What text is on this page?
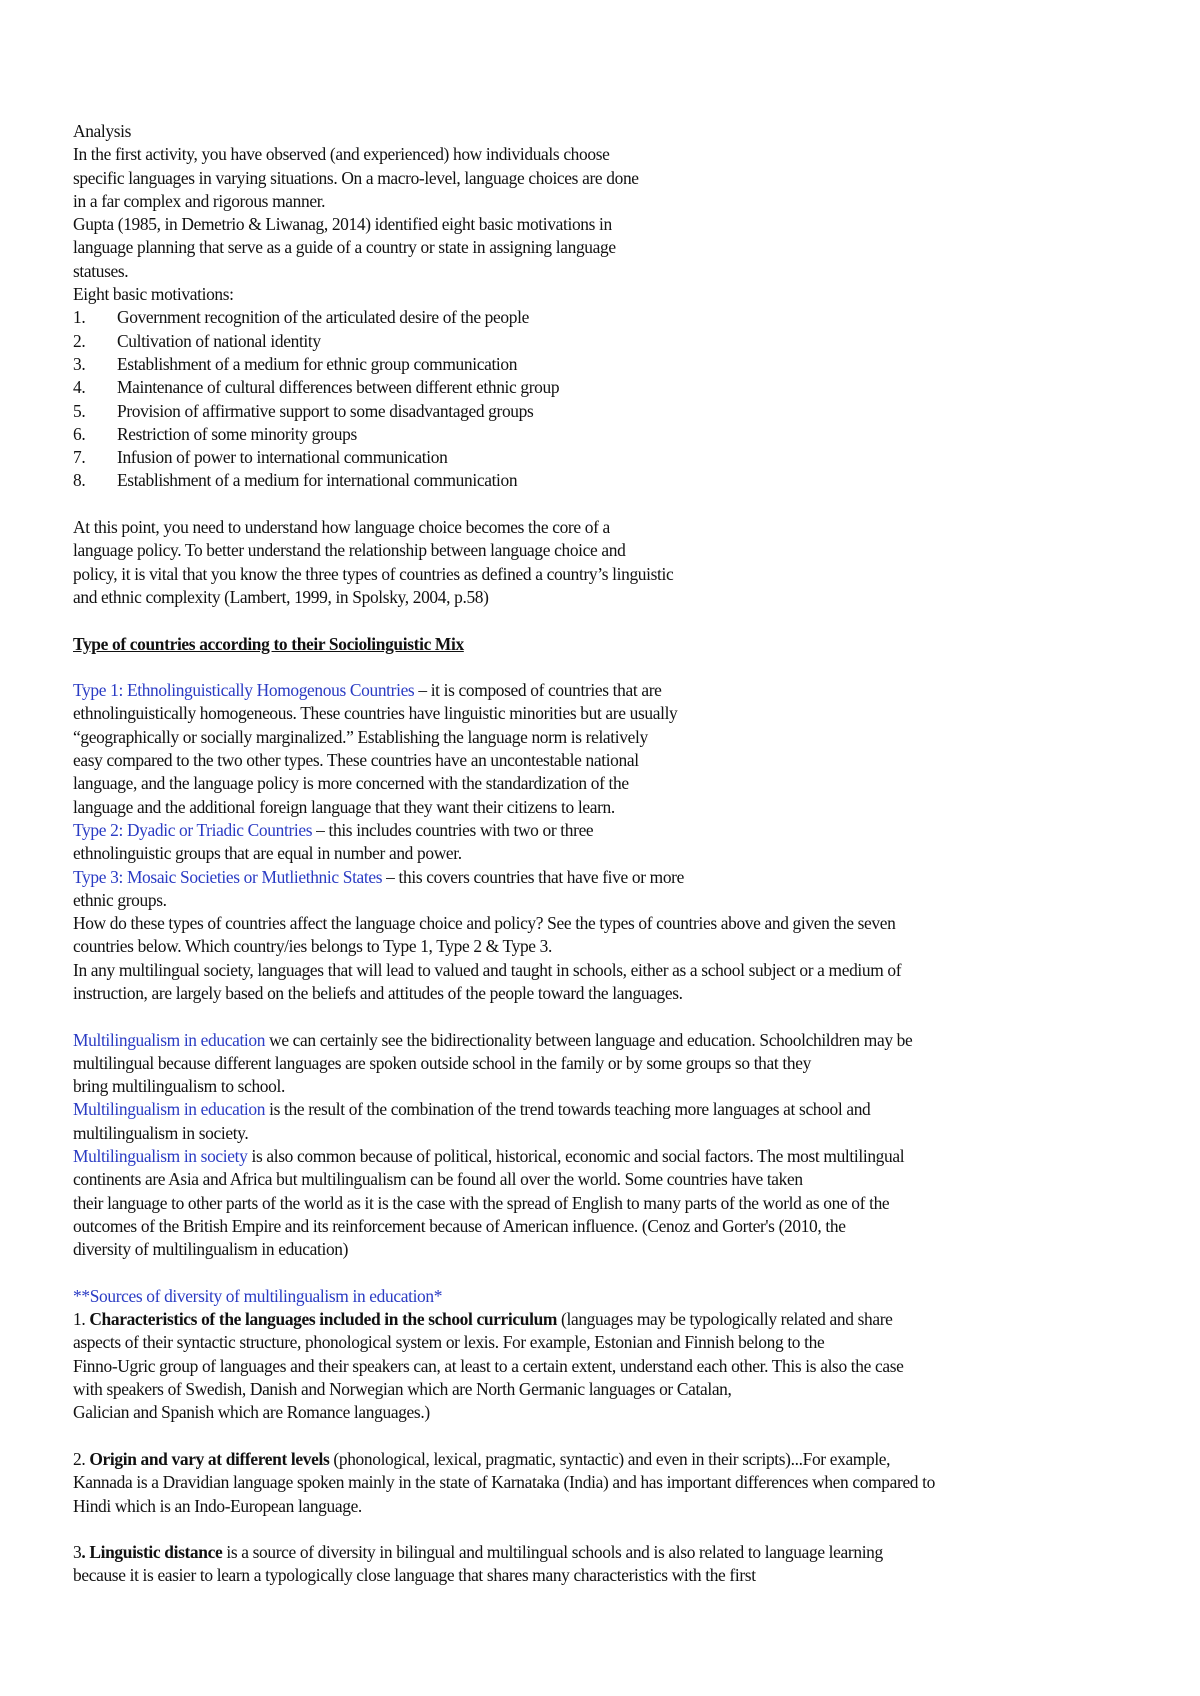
Analysis
In the first activity, you have observed (and experienced) how individuals choose
specific languages in varying situations. On a macro-level, language choices are done
in a far complex and rigorous manner.
Gupta (1985, in Demetrio & Liwanag, 2014) identified eight basic motivations in
language planning that serve as a guide of a country or state in assigning language
statuses.
Eight basic motivations:
1. Government recognition of the articulated desire of the people
2. Cultivation of national identity
3. Establishment of a medium for ethnic group communication
4. Maintenance of cultural differences between different ethnic group
5. Provision of affirmative support to some disadvantaged groups
6. Restriction of some minority groups
7. Infusion of power to international communication
8. Establishment of a medium for international communication
At this point, you need to understand how language choice becomes the core of a
language policy. To better understand the relationship between language choice and
policy, it is vital that you know the three types of countries as defined a country’s linguistic
and ethnic complexity (Lambert, 1999, in Spolsky, 2004, p.58)
Type of countries according to their Sociolinguistic Mix
Type 1: Ethnolinguistically Homogenous Countries – it is composed of countries that are
ethnolinguistically homogeneous. These countries have linguistic minorities but are usually
“geographically or socially marginalized.” Establishing the language norm is relatively
easy compared to the two other types. These countries have an uncontestable national
language, and the language policy is more concerned with the standardization of the
language and the additional foreign language that they want their citizens to learn.
Type 2: Dyadic or Triadic Countries – this includes countries with two or three
ethnolinguistic groups that are equal in number and power.
Type 3: Mosaic Societies or Mutliethnic States – this covers countries that have five or more
ethnic groups.
How do these types of countries affect the language choice and policy? See the types of countries above and given the seven
countries below. Which country/ies belongs to Type 1, Type 2 & Type 3.
In any multilingual society, languages that will lead to valued and taught in schools, either as a school subject or a medium of
instruction, are largely based on the beliefs and attitudes of the people toward the languages.
Multilingualism in education we can certainly see the bidirectionality between language and education. Schoolchildren may be
multilingual because different languages are spoken outside school in the family or by some groups so that they
bring multilingualism to school.
Multilingualism in education is the result of the combination of the trend towards teaching more languages at school and
multilingualism in society.
Multilingualism in society is also common because of political, historical, economic and social factors. The most multilingual
continents are Asia and Africa but multilingualism can be found all over the world. Some countries have taken
their language to other parts of the world as it is the case with the spread of English to many parts of the world as one of the
outcomes of the British Empire and its reinforcement because of American influence. (Cenoz and Gorter's (2010, the
diversity of multilingualism in education)
**Sources of diversity of multilingualism in education*
1. Characteristics of the languages included in the school curriculum (languages may be typologically related and share
aspects of their syntactic structure, phonological system or lexis. For example, Estonian and Finnish belong to the
Finno-Ugric group of languages and their speakers can, at least to a certain extent, understand each other. This is also the case
with speakers of Swedish, Danish and Norwegian which are North Germanic languages or Catalan,
Galician and Spanish which are Romance languages.)
2. Origin and vary at different levels (phonological, lexical, pragmatic, syntactic) and even in their scripts)...For example,
Kannada is a Dravidian language spoken mainly in the state of Karnataka (India) and has important differences when compared to
Hindi which is an Indo-European language.
3. Linguistic distance is a source of diversity in bilingual and multilingual schools and is also related to language learning
because it is easier to learn a typologically close language that shares many characteristics with the first
